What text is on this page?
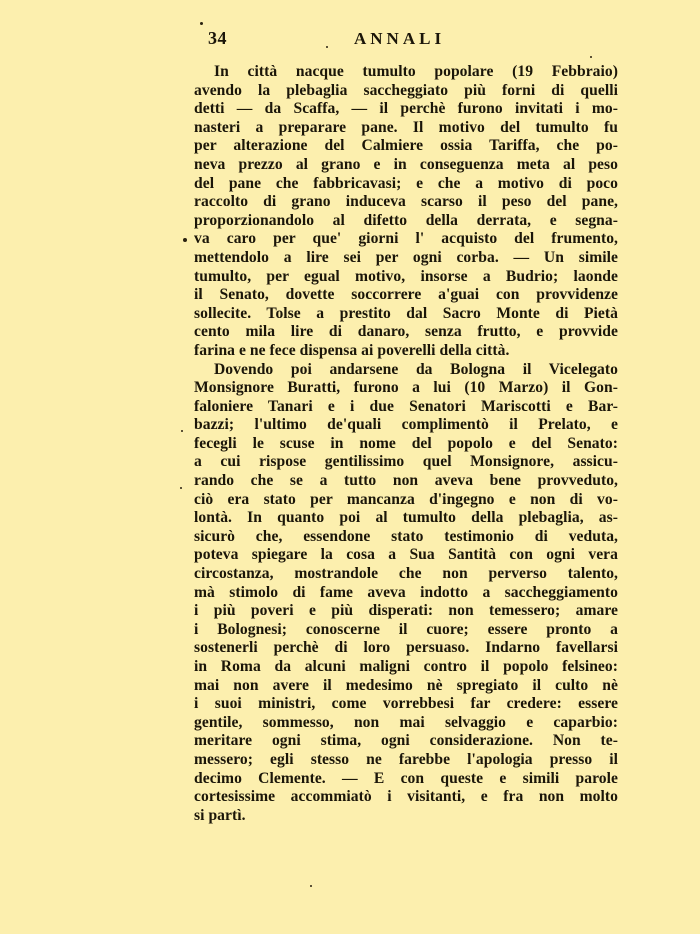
34	ANNALI
In città nacque tumulto popolare (19 Febbraio)
avendo la plebaglia saccheggiato più forni di quelli
detti — da Scaffa, — il perchè furono invitati i mo-
nasteri a preparare pane. Il motivo del tumulto fu
per alterazione del Calmiere ossia Tariffa, che po-
neva prezzo al grano e in conseguenza meta al peso
del pane che fabbricavasi; e che a motivo di poco
raccolto di grano induceva scarso il peso del pane,
proporzionandolo al difetto della derrata, e segna-
va caro per que' giorni l' acquisto del frumento,
mettendolo a lire sei per ogni corba. — Un simile
tumulto, per egual motivo, insorse a Budrio; laonde
il Senato, dovette soccorrere a'guai con provvidenze
sollecite. Tolse a prestito dal Sacro Monte di Pietà
cento mila lire di danaro, senza frutto, e provvide
farina e ne fece dispensa ai poverelli della città.
Dovendo poi andarsene da Bologna il Vicelegato
Monsignore Buratti, furono a lui (10 Marzo) il Gon-
faloniere Tanari e i due Senatori Mariscotti e Bar-
bazzi; l'ultimo de'quali complimentò il Prelato, e
fecegli le scuse in nome del popolo e del Senato:
a cui rispose gentilissimo quel Monsignore, assicu-
rando che se a tutto non aveva bene provveduto,
ciò era stato per mancanza d'ingegno e non di vo-
lontà. In quanto poi al tumulto della plebaglia, as-
sicurò che, essendone stato testimonio di veduta,
poteva spiegare la cosa a Sua Santità con ogni vera
circostanza, mostrandole che non perverso talento,
mà stimolo di fame aveva indotto a saccheggiamento
i più poveri e più disperati: non temessero; amare
i Bolognesi; conoscerne il cuore; essere pronto a
sostenerli perchè di loro persuaso. Indarno favellarsi
in Roma da alcuni maligni contro il popolo felsineo:
mai non avere il medesimo nè spregiato il culto nè
i suoi ministri, come vorrebbesi far credere: essere
gentile, sommesso, non mai selvaggio e caparbio:
meritare ogni stima, ogni considerazione. Non te-
messero; egli stesso ne farebbe l'apologia presso il
decimo Clemente. — E con queste e simili parole
cortesissime accommiatò i visitanti, e fra non molto
si partì.
